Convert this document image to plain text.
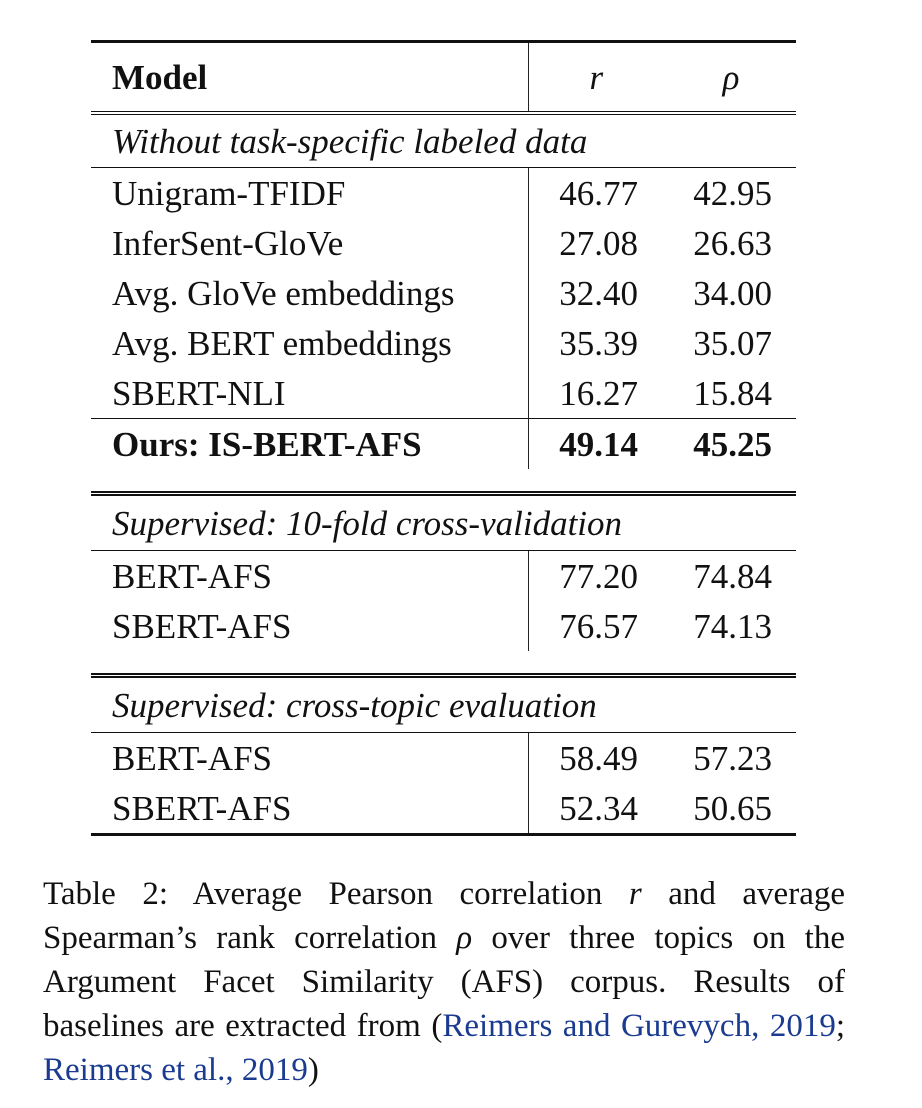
Model	r	ρ
Without task-specific labeled data		
Unigram-TFIDF	46.77	42.95
InferSent-GloVe	27.08	26.63
Avg. GloVe embeddings	32.40	34.00
Avg. BERT embeddings	35.39	35.07
SBERT-NLI	16.27	15.84
Ours: IS-BERT-AFS	49.14	45.25

Supervised: 10-fold cross-validation		
BERT-AFS	77.20	74.84
SBERT-AFS	76.57	74.13

Supervised: cross-topic evaluation		
BERT-AFS	58.49	57.23
SBERT-AFS	52.34	50.65
Table 2: Average Pearson correlation r and average Spearman’s rank correlation ρ over three topics on the Argument Facet Similarity (AFS) corpus. Results of baselines are extracted from (Reimers and Gurevych, 2019; Reimers et al., 2019)
